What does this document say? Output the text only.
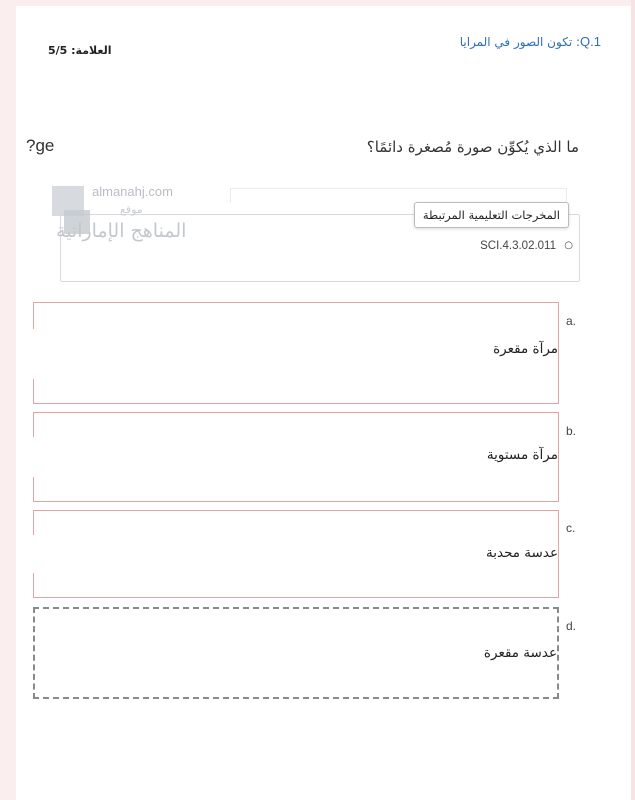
Q.1: تكون الصور في المرايا
العلامة: 5/5
?ge	ما الذي يُكوِّن صورة مُصغرة دائمًا؟
المخرجات التعليمية المرتبطة
SCI.4.3.02.011 ○
almanahj.com
موقع
المناهج الإماراتية
مرآة مقعرة
a.
مرآة مستوية
b.
عدسة محدبة
c.
عدسة مقعرة
d.
